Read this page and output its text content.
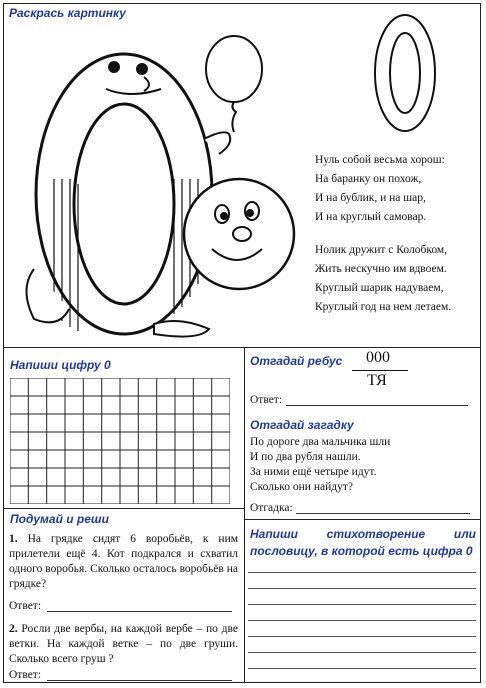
Раскрась картинку
Нуль собой весьма хорош:
На баранку он похож,
И на бублик, и на шар,
И на круглый самовар.
Нолик дружит с Колобком,
Жить нескучно им вдвоем.
Круглый шарик надуваем,
Круглый год на нем летаем.
Напиши цифру 0
Подумай и реши
1. На грядке сидят 6 воробьёв, к ним прилетели ещё 4. Кот подкрался и схватил одного воробья. Сколько осталось воробьёв на грядке?
Ответ:
2. Росли две вербы, на каждой вербе – по две ветки. На каждой ветке – по две груши. Сколько всего груш ?
Ответ:
Отгадай ребус 000
ТЯ
Ответ:
Отгадай загадку
По дороге два мальчика шли
И по два рубля нашли.
За ними ещё четыре идут.
Сколько они найдут?
Отгадка:
Напиши стихотворение или пословицу, в которой есть цифра 0
